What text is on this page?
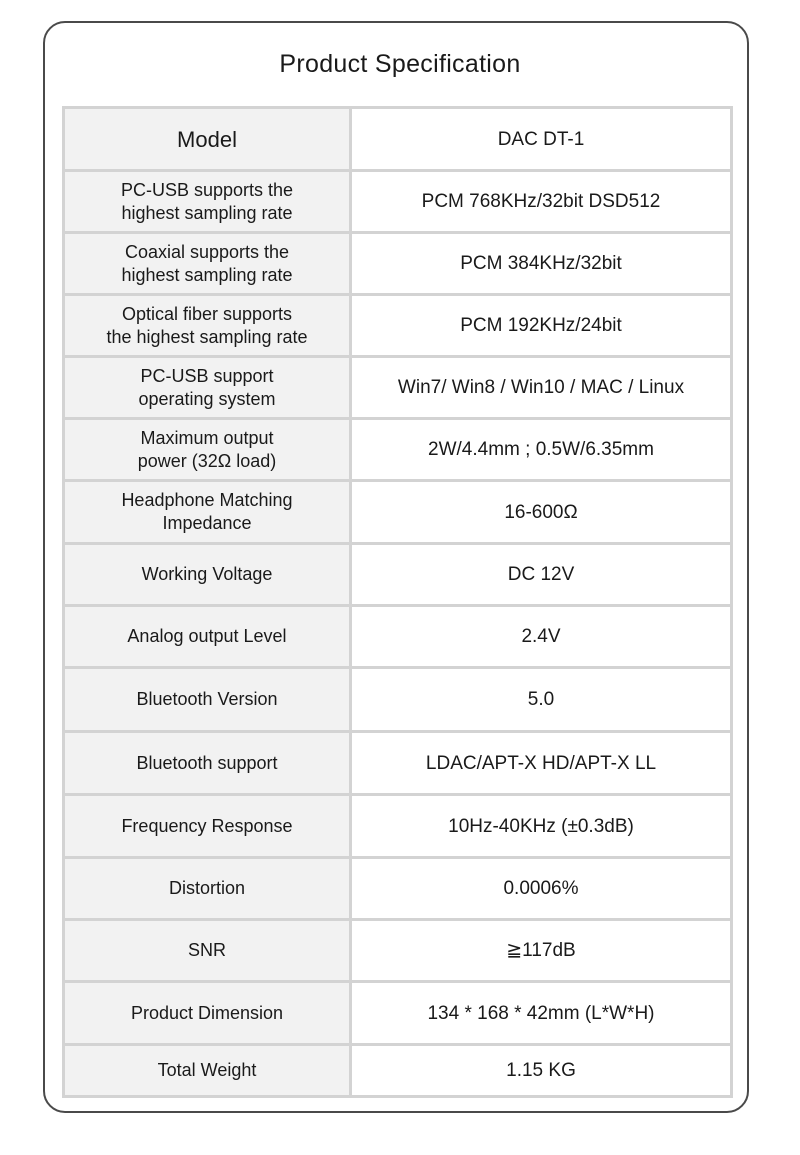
Product Specification
Model	DAC DT-1
PC-USB supports the
highest sampling rate	PCM 768KHz/32bit DSD512
Coaxial supports the
highest sampling rate	PCM 384KHz/32bit
Optical fiber supports
the highest sampling rate	PCM 192KHz/24bit
PC-USB support
operating system	Win7/ Win8 / Win10 / MAC / Linux
Maximum output
power (32Ω load)	2W/4.4mm ; 0.5W/6.35mm
Headphone Matching
Impedance	16-600Ω
Working Voltage	DC 12V
Analog output Level	2.4V
Bluetooth Version	5.0
Bluetooth support	LDAC/APT-X HD/APT-X LL
Frequency Response	10Hz-40KHz (±0.3dB)
Distortion	0.0006%
SNR	≧117dB
Product Dimension	134 * 168 * 42mm (L*W*H)
Total Weight	1.15 KG
